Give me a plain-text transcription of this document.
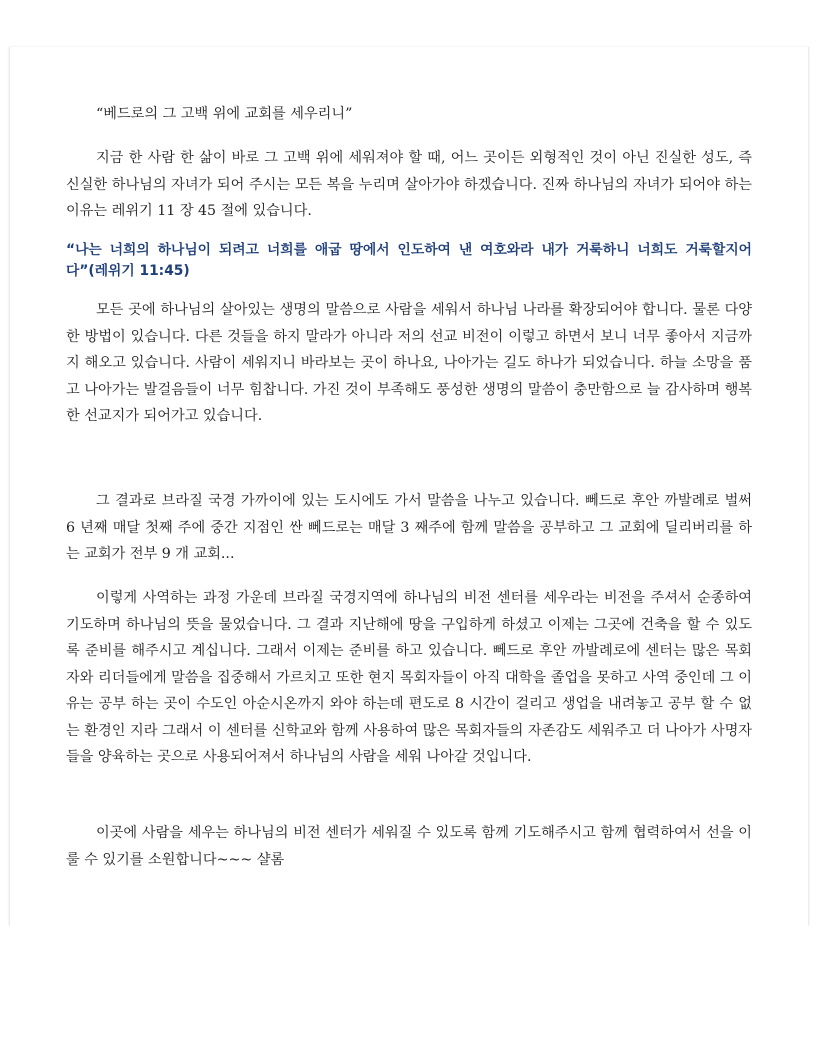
“베드로의 그 고백 위에 교회를 세우리니”

지금 한 사람 한 삶이 바로 그 고백 위에 세워져야 할 때, 어느 곳이든 외형적인 것이 아닌 진실한 성도, 즉 신실한 하나님의 자녀가 되어 주시는 모든 복을 누리며 살아가야 하겠습니다. 진짜 하나님의 자녀가 되어야 하는 이유는 레위기 11 장 45 절에 있습니다.

“나는 너희의 하나님이 되려고 너희를 애굽 땅에서 인도하여 낸 여호와라 내가 거룩하니 너희도 거룩할지어다”(레위기 11:45)

모든 곳에 하나님의 살아있는 생명의 말씀으로 사람을 세워서 하나님 나라를 확장되어야 합니다. 물론 다양한 방법이 있습니다. 다른 것들을 하지 말라가 아니라 저의 선교 비전이 이렇고 하면서 보니 너무 좋아서 지금까지 해오고 있습니다. 사람이 세워지니 바라보는 곳이 하나요, 나아가는 길도 하나가 되었습니다. 하늘 소망을 품고 나아가는 발걸음들이 너무 힘찹니다. 가진 것이 부족해도 풍성한 생명의 말씀이 충만함으로 늘 감사하며 행복한 선교지가 되어가고 있습니다.

그 결과로 브라질 국경 가까이에 있는 도시에도 가서 말씀을 나누고 있습니다. 뻬드로 후안 까발례로 벌써 6 년째 매달 첫째 주에 중간 지점인 싼 뻬드로는 매달 3 째주에 함께 말씀을 공부하고 그 교회에 딜리버리를 하는 교회가 전부 9 개 교회...

이렇게 사역하는 과정 가운데 브라질 국경지역에 하나님의 비전 센터를 세우라는 비전을 주셔서 순종하여 기도하며 하나님의 뜻을 물었습니다. 그 결과 지난해에 땅을 구입하게 하셨고 이제는 그곳에 건축을 할 수 있도록 준비를 해주시고 계십니다. 그래서 이제는 준비를 하고 있습니다. 뻬드로 후안 까발례로에 센터는 많은 목회자와 리더들에게 말씀을 집중해서 가르치고 또한 현지 목회자들이 아직 대학을 졸업을 못하고 사역 중인데 그 이유는 공부 하는 곳이 수도인 아순시온까지 와야 하는데 편도로 8 시간이 걸리고 생업을 내려놓고 공부 할 수 없는 환경인 지라 그래서 이 센터를 신학교와 함께 사용하여 많은 목회자들의 자존감도 세워주고 더 나아가 사명자들을 양육하는 곳으로 사용되어져서 하나님의 사람을 세워 나아갈 것입니다.

이곳에 사람을 세우는 하나님의 비전 센터가 세워질 수 있도록 함께 기도해주시고 함께 협력하여서 선을 이룰 수 있기를 소원합니다~~~ 샬롬
